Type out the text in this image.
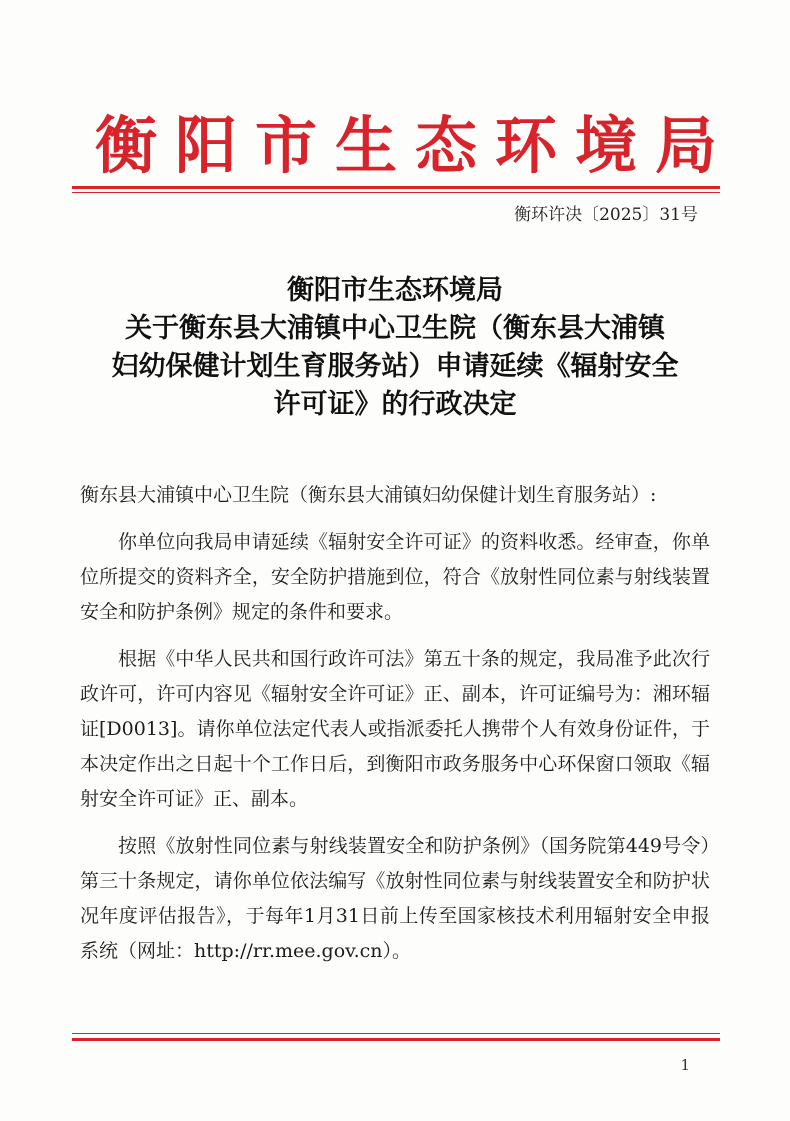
衡阳市生态环境局
衡环许决〔2025〕31号
衡阳市生态环境局
关于衡东县大浦镇中心卫生院（衡东县大浦镇
妇幼保健计划生育服务站）申请延续《辐射安全
许可证》的行政决定

衡东县大浦镇中心卫生院（衡东县大浦镇妇幼保健计划生育服务站）:

你单位向我局申请延续《辐射安全许可证》的资料收悉。经审查，你单位所提交的资料齐全，安全防护措施到位，符合《放射性同位素与射线装置安全和防护条例》规定的条件和要求。

根据《中华人民共和国行政许可法》第五十条的规定，我局准予此次行政许可，许可内容见《辐射安全许可证》正、副本，许可证编号为：湘环辐证[D0013]。请你单位法定代表人或指派委托人携带个人有效身份证件，于本决定作出之日起十个工作日后，到衡阳市政务服务中心环保窗口领取《辐射安全许可证》正、副本。

按照《放射性同位素与射线装置安全和防护条例》（国务院第449号令）第三十条规定，请你单位依法编写《放射性同位素与射线装置安全和防护状况年度评估报告》，于每年1月31日前上传至国家核技术利用辐射安全申报系统（网址：http://rr.mee.gov.cn）。

1
